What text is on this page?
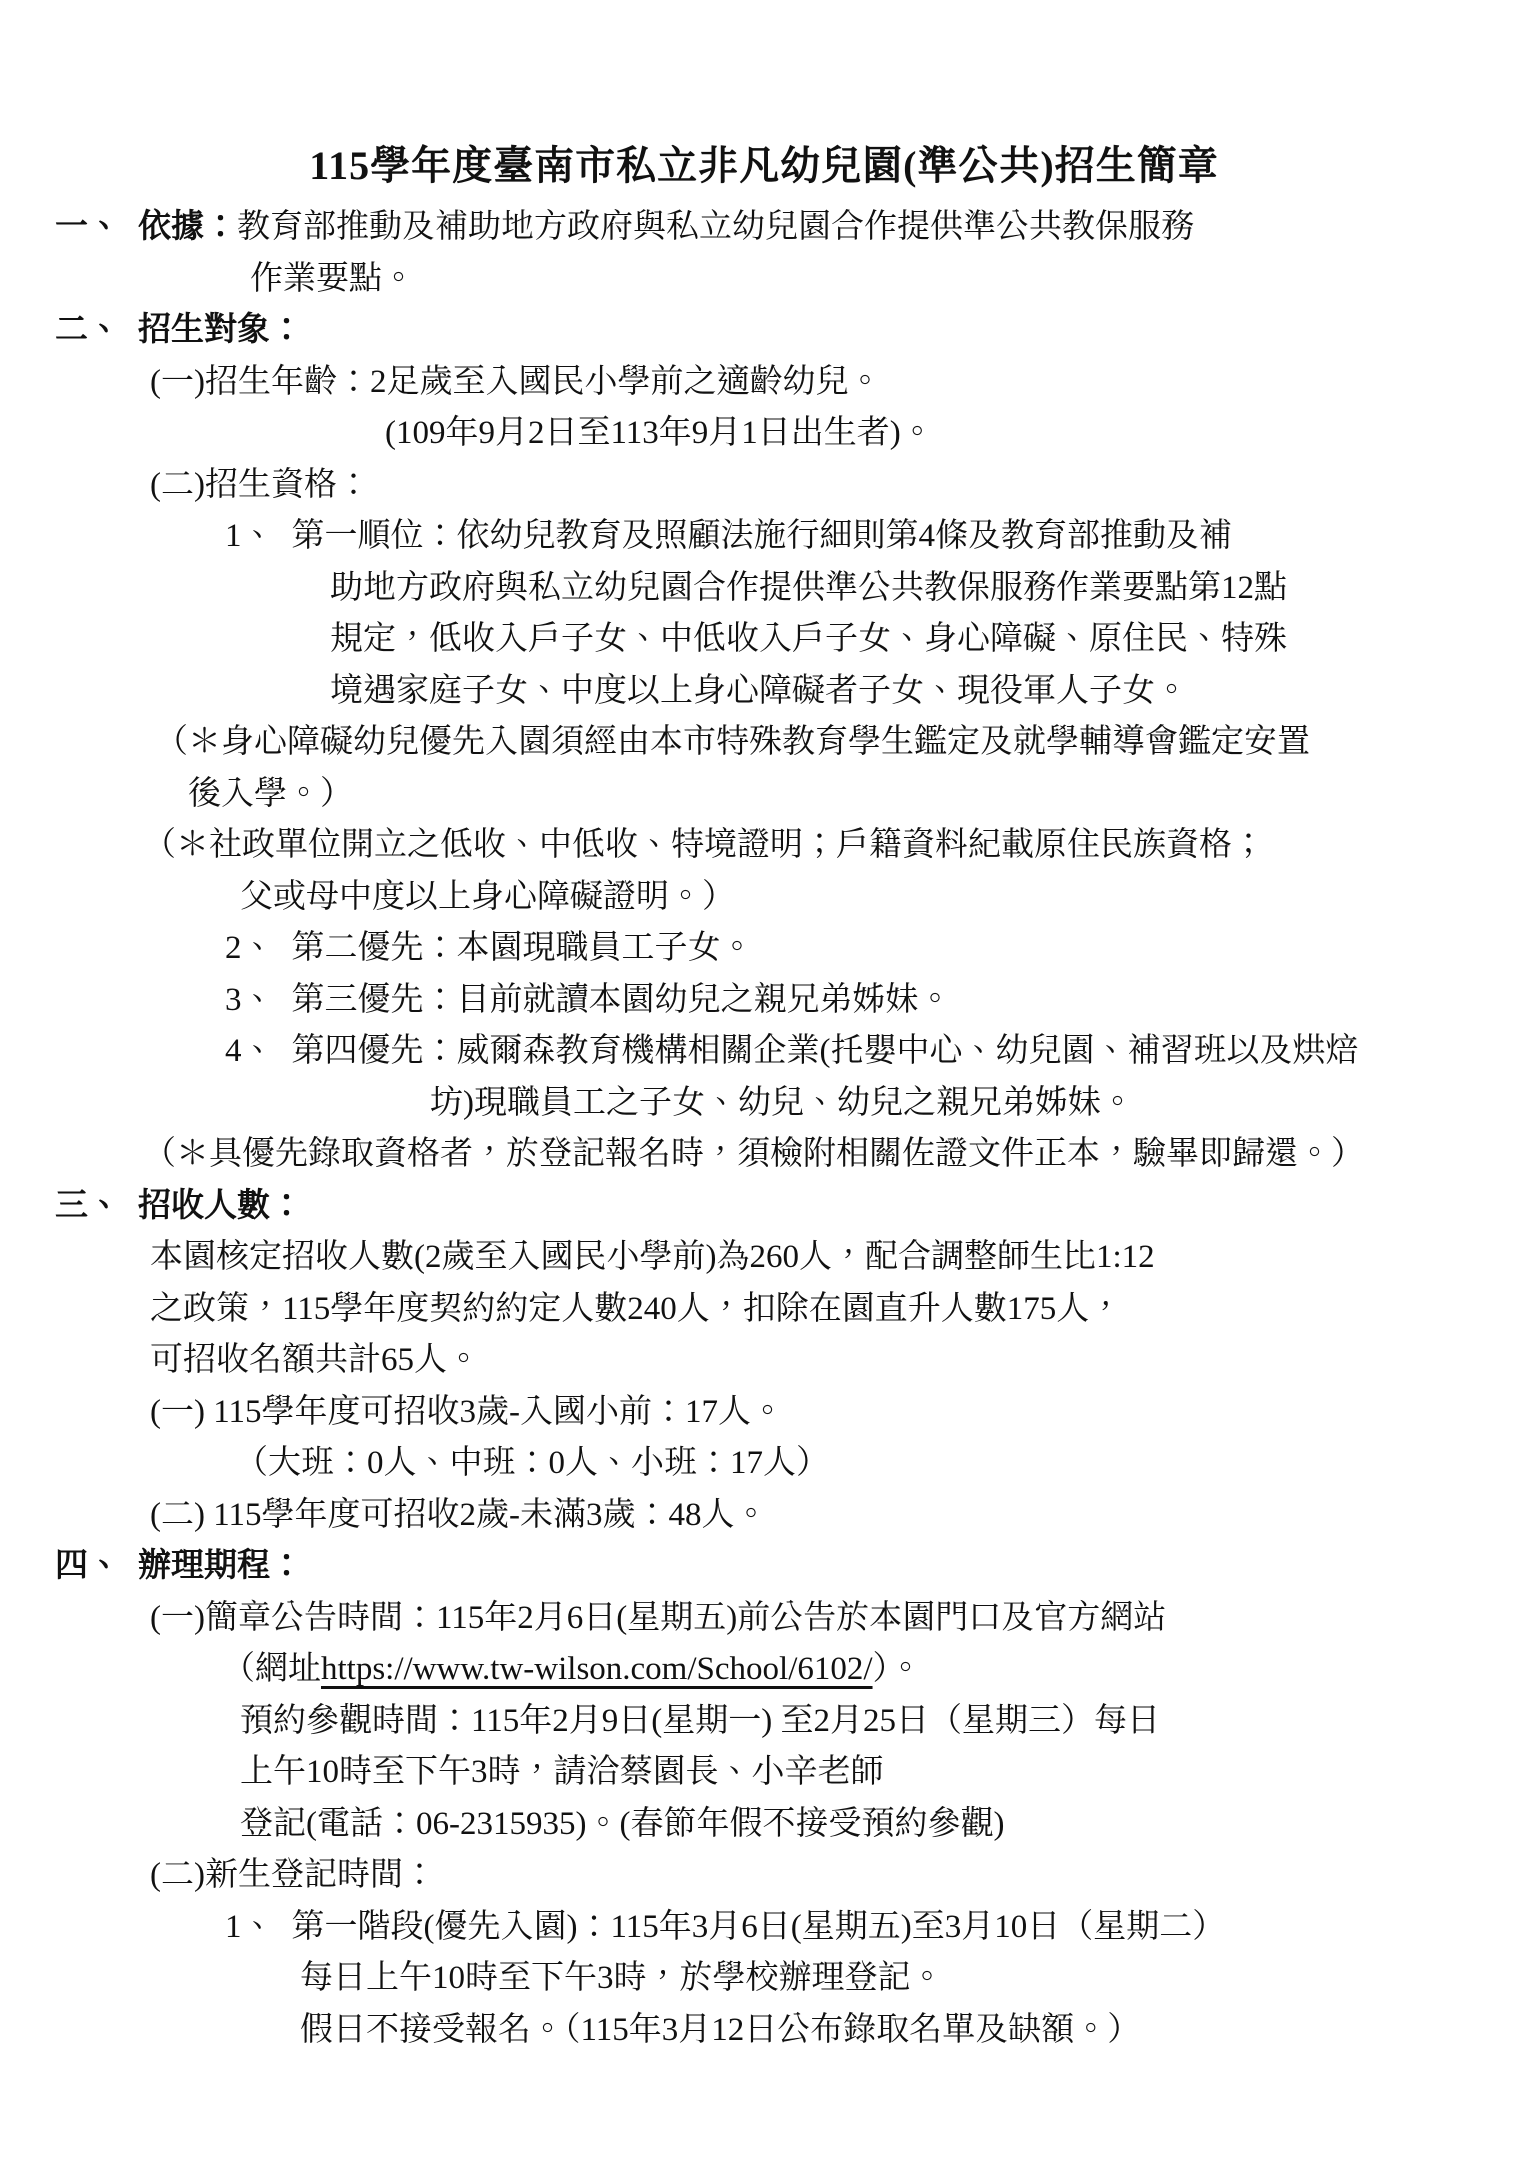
115學年度臺南市私立非凡幼兒園(準公共)招生簡章
一、 依據：教育部推動及補助地方政府與私立幼兒園合作提供準公共教保服務
作業要點。
二、 招生對象：
(一)招生年齡：2足歲至入國民小學前之適齡幼兒。
(109年9月2日至113年9月1日出生者)。
(二)招生資格：
1、 第一順位：依幼兒教育及照顧法施行細則第4條及教育部推動及補
助地方政府與私立幼兒園合作提供準公共教保服務作業要點第12點
規定，低收入戶子女、中低收入戶子女、身心障礙、原住民、特殊
境遇家庭子女、中度以上身心障礙者子女、現役軍人子女。
（＊身心障礙幼兒優先入園須經由本市特殊教育學生鑑定及就學輔導會鑑定安置
後入學。）
（＊社政單位開立之低收、中低收、特境證明；戶籍資料紀載原住民族資格；
父或母中度以上身心障礙證明。）
2、 第二優先：本園現職員工子女。
3、 第三優先：目前就讀本園幼兒之親兄弟姊妹。
4、 第四優先：威爾森教育機構相關企業(托嬰中心、幼兒園、補習班以及烘焙
坊)現職員工之子女、幼兒、幼兒之親兄弟姊妹。
（＊具優先錄取資格者，於登記報名時，須檢附相關佐證文件正本，驗畢即歸還。）
三、 招收人數：
本園核定招收人數(2歲至入國民小學前)為260人，配合調整師生比1:12
之政策，115學年度契約約定人數240人，扣除在園直升人數175人，
可招收名額共計65人。
(一) 115學年度可招收3歲-入國小前：17人。
（大班：0人、中班：0人、小班：17人）
(二) 115學年度可招收2歲-未滿3歲：48人。
四、 辦理期程：
(一)簡章公告時間：115年2月6日(星期五)前公告於本園門口及官方網站
（網址https://www.tw-wilson.com/School/6102/）。
預約參觀時間：115年2月9日(星期一) 至2月25日（星期三）每日
上午10時至下午3時，請洽蔡園長、小辛老師
登記(電話：06-2315935)。(春節年假不接受預約參觀)
(二)新生登記時間：
1、 第一階段(優先入園)：115年3月6日(星期五)至3月10日（星期二）
每日上午10時至下午3時，於學校辦理登記。
假日不接受報名。（115年3月12日公布錄取名單及缺額。）
